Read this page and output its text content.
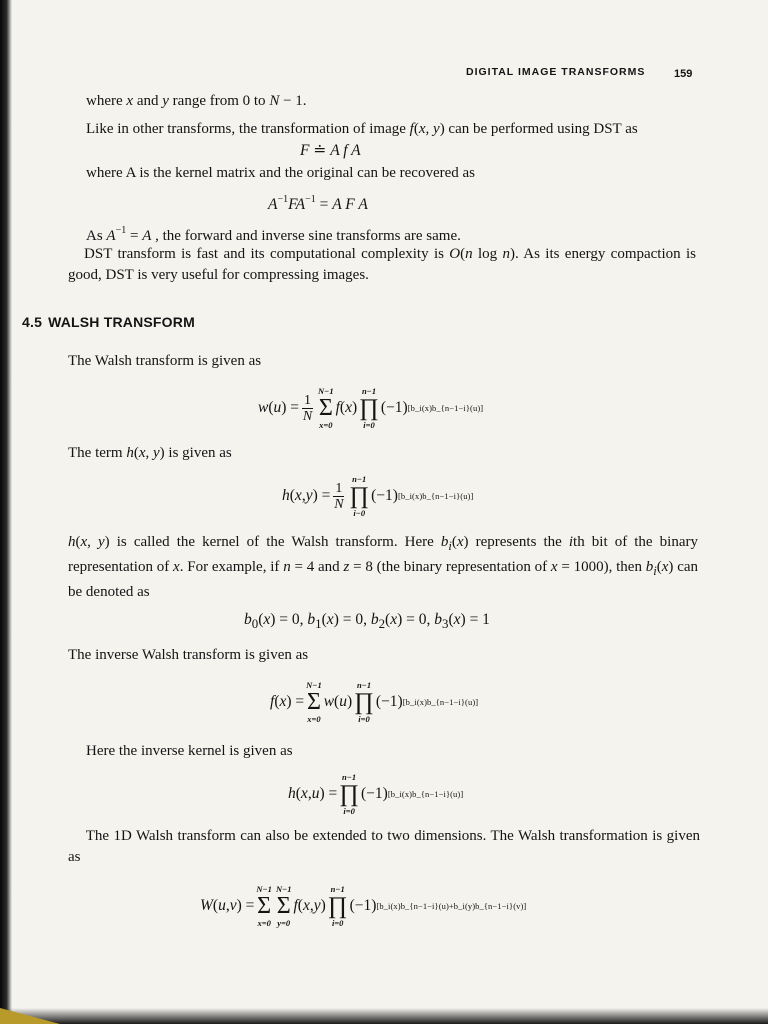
DIGITAL IMAGE TRANSFORMS	159
where x and y range from 0 to N − 1.
Like in other transforms, the transformation of image f(x, y) can be performed using DST as
F ≐ A f A
where A is the kernel matrix and the original can be recovered as
$A^{-1}FA^{-1} = A$ F A
As $A^{-1} = A$ , the forward and inverse sine transforms are same.
DST transform is fast and its computational complexity is O(n log n). As its energy compaction is good, DST is very useful for compressing images.
4.5 WALSH TRANSFORM
The Walsh transform is given as
w ( u ) = $\frac{1}{N}$
N−1
Σ
x=0
f ( x )
n−1
∏
i=0
(−1) [b_i(x)b_{n−1−i}(u)]
The term h(x, y) is given as
h ( x , y ) = $\frac{1}{N}$
n−1
∏
i−0
(−1) [b_i(x)b_{n−1−i}(u)]
h(x, y) is called the kernel of the Walsh transform. Here $b_i(x)$ represents the ith bit of the binary representation of x. For example, if n = 4 and z = 8 (the binary representation of x = 1000), then $b_i(x)$ can be denoted as
$b_0(x) = 0$, $b_1(x) = 0$, $b_2(x) = 0$, $b_3(x) = 1$
The inverse Walsh transform is given as
f ( x ) =
N−1
Σ
x=0
w ( u )
n−1
∏
i=0
(−1) [b_i(x)b_{n−1−i}(u)]
Here the inverse kernel is given as
h ( x , u ) =
n−1
∏
i=0
(−1) [b_i(x)b_{n−1−i}(u)]
The 1D Walsh transform can also be extended to two dimensions. The Walsh transformation is given as
W ( u , v ) =
N−1
Σ
x=0
N−1
Σ
y=0
f ( x , y )
n−1
∏
i=0
(−1) [b_i(x)b_{n−1−i}(u)+b_i(y)b_{n−1−i}(v)]
